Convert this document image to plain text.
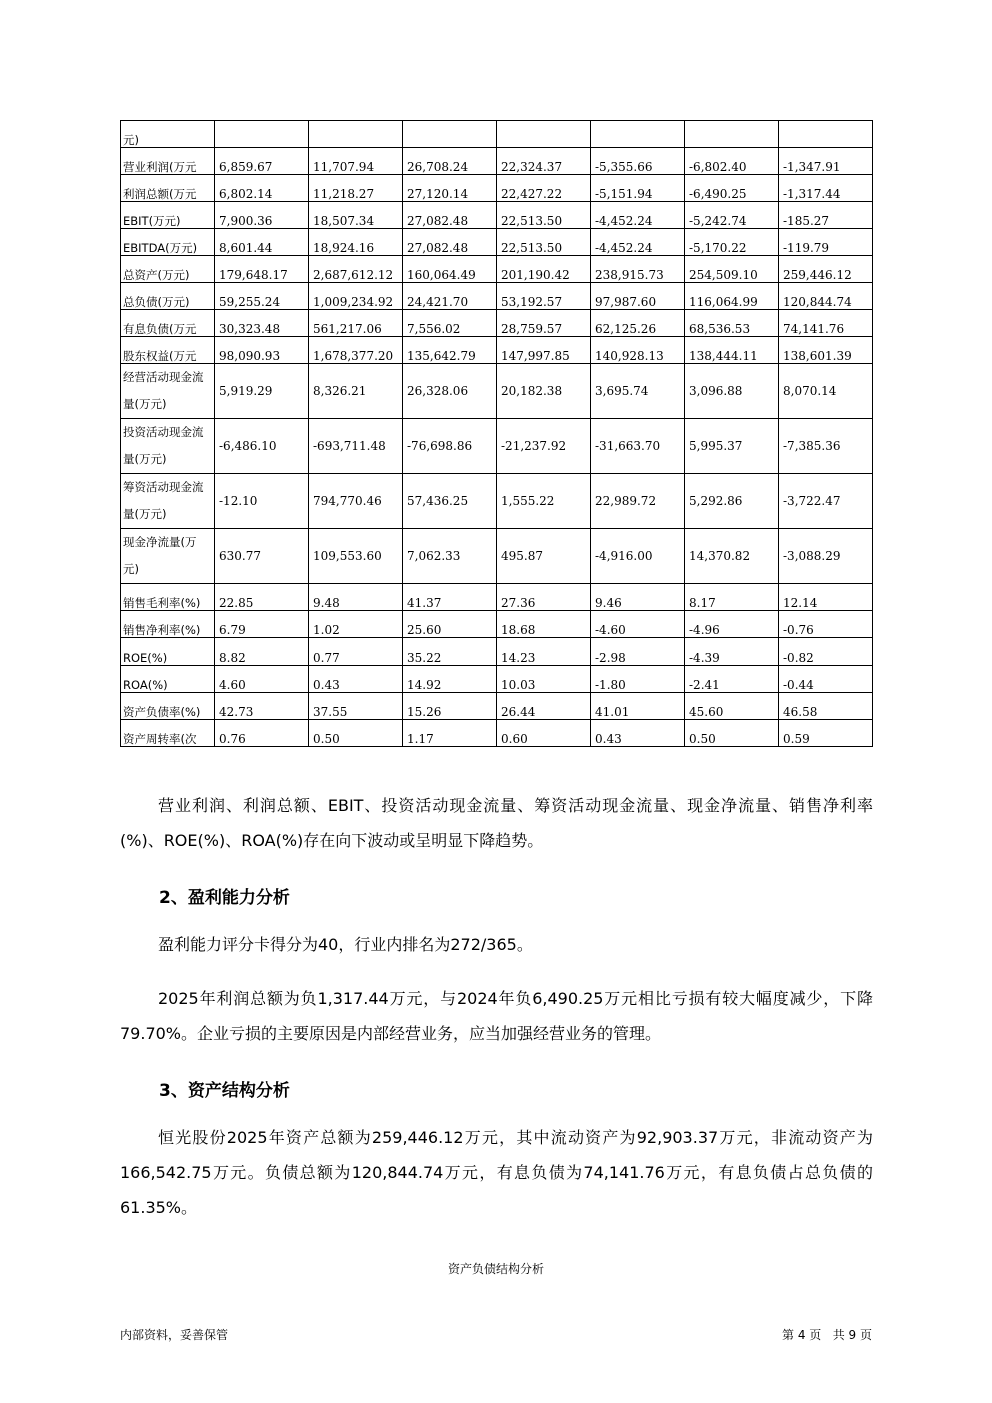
元)							
营业利润(万元	6,859.67	11,707.94	26,708.24	22,324.37	-5,355.66	-6,802.40	-1,347.91
利润总额(万元	6,802.14	11,218.27	27,120.14	22,427.22	-5,151.94	-6,490.25	-1,317.44
EBIT(万元)	7,900.36	18,507.34	27,082.48	22,513.50	-4,452.24	-5,242.74	-185.27
EBITDA(万元)	8,601.44	18,924.16	27,082.48	22,513.50	-4,452.24	-5,170.22	-119.79
总资产(万元)	179,648.17	2,687,612.12	160,064.49	201,190.42	238,915.73	254,509.10	259,446.12
总负债(万元)	59,255.24	1,009,234.92	24,421.70	53,192.57	97,987.60	116,064.99	120,844.74
有息负债(万元	30,323.48	561,217.06	7,556.02	28,759.57	62,125.26	68,536.53	74,141.76
股东权益(万元	98,090.93	1,678,377.20	135,642.79	147,997.85	140,928.13	138,444.11	138,601.39
经营活动现金流量(万元)	5,919.29	8,326.21	26,328.06	20,182.38	3,695.74	3,096.88	8,070.14
投资活动现金流量(万元)	-6,486.10	-693,711.48	-76,698.86	-21,237.92	-31,663.70	5,995.37	-7,385.36
筹资活动现金流量(万元)	-12.10	794,770.46	57,436.25	1,555.22	22,989.72	5,292.86	-3,722.47
现金净流量(万元)	630.77	109,553.60	7,062.33	495.87	-4,916.00	14,370.82	-3,088.29
销售毛利率(%)	22.85	9.48	41.37	27.36	9.46	8.17	12.14
销售净利率(%)	6.79	1.02	25.60	18.68	-4.60	-4.96	-0.76
ROE(%)	8.82	0.77	35.22	14.23	-2.98	-4.39	-0.82
ROA(%)	4.60	0.43	14.92	10.03	-1.80	-2.41	-0.44
资产负债率(%)	42.73	37.55	15.26	26.44	41.01	45.60	46.58
资产周转率(次	0.76	0.50	1.17	0.60	0.43	0.50	0.59
营业利润、利润总额、EBIT、投资活动现金流量、筹资活动现金流量、现金净流量、销售净利率(%)、ROE(%)、ROA(%)存在向下波动或呈明显下降趋势。
2、盈利能力分析
盈利能力评分卡得分为40，行业内排名为272/365。
2025年利润总额为负1,317.44万元，与2024年负6,490.25万元相比亏损有较大幅度减少，下降79.70%。企业亏损的主要原因是内部经营业务，应当加强经营业务的管理。
3、资产结构分析
恒光股份2025年资产总额为259,446.12万元，其中流动资产为92,903.37万元，非流动资产为166,542.75万元。负债总额为120,844.74万元，有息负债为74,141.76万元，有息负债占总负债的61.35%。
资产负债结构分析
内部资料，妥善保管	第 4 页   共 9 页
